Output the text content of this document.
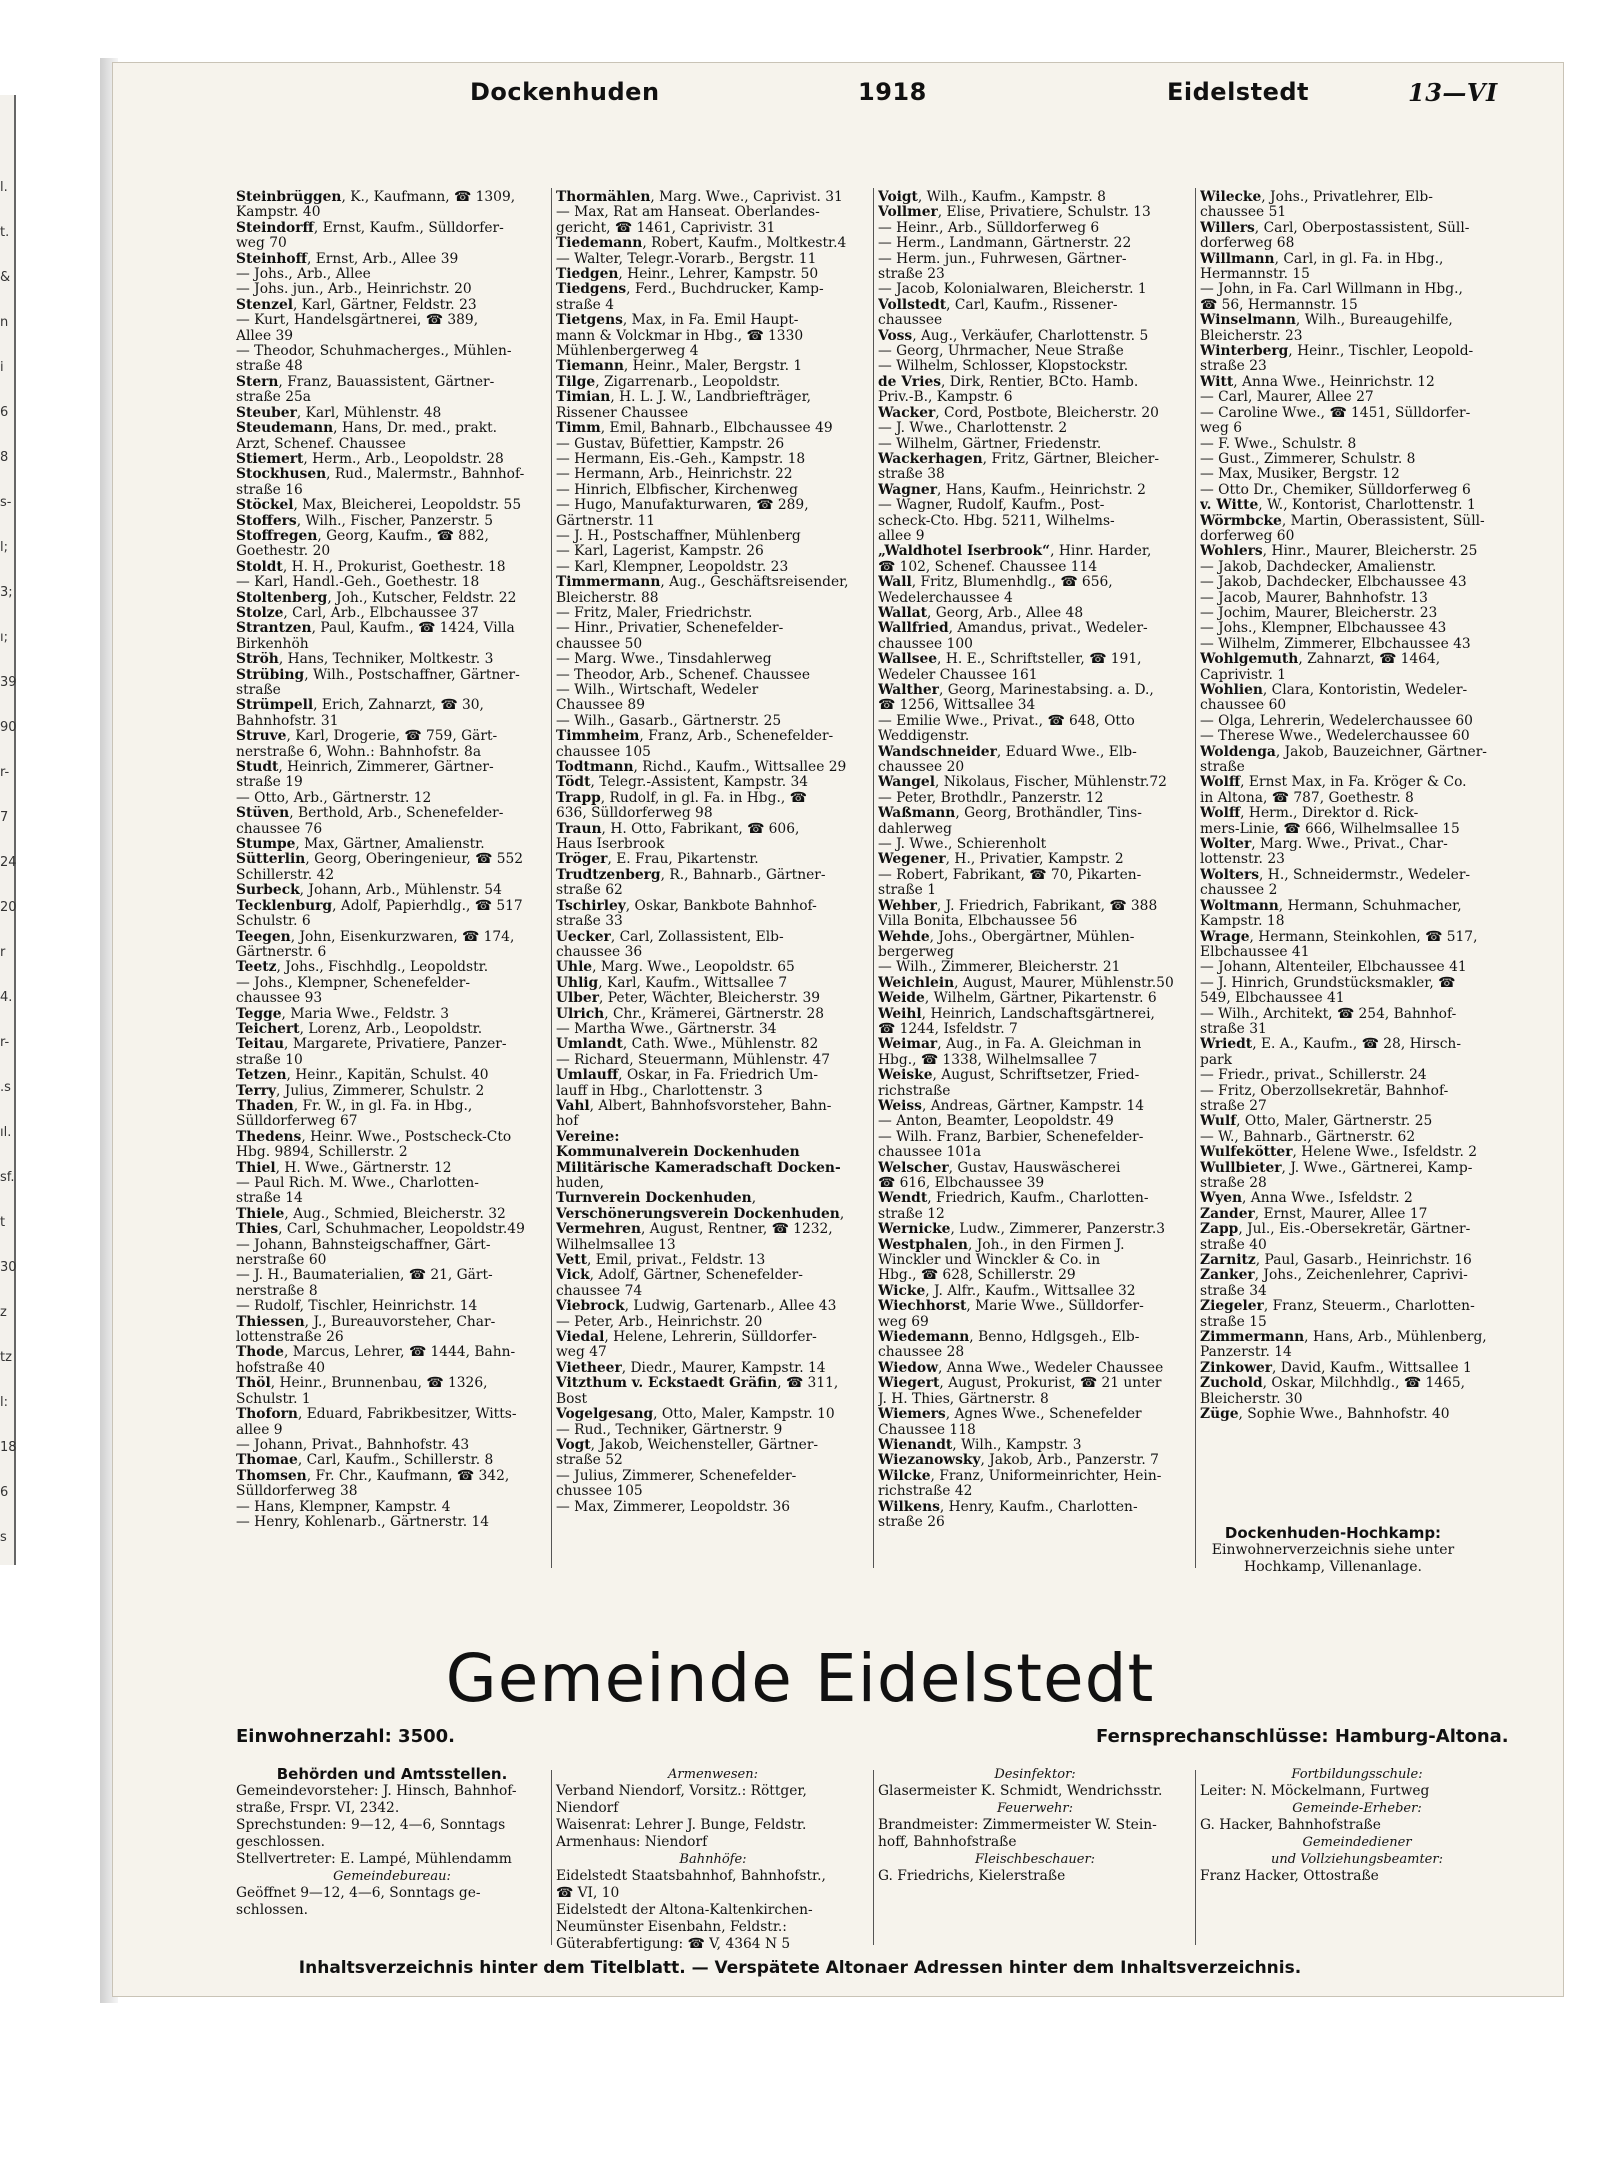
l.
t.
&
n
i
6
8
s-
l;
3;
ı;
39
90
r-
7
24
20
r
4.
r-
.s
ıl.
sf.
t
30
z
tz
l:
18
6
s
Dockenhuden	1918	Eidelstedt	13—VI
Steinbrüggen, K., Kaufmann, ☎ 1309,
Kampstr. 40
Steindorff, Ernst, Kaufm., Sülldorfer-
weg 70
Steinhoff, Ernst, Arb., Allee 39
— Johs., Arb., Allee
— Johs. jun., Arb., Heinrichstr. 20
Stenzel, Karl, Gärtner, Feldstr. 23
— Kurt, Handelsgärtnerei, ☎ 389,
Allee 39
— Theodor, Schuhmacherges., Mühlen-
straße 48
Stern, Franz, Bauassistent, Gärtner-
straße 25a
Steuber, Karl, Mühlenstr. 48
Steudemann, Hans, Dr. med., prakt.
Arzt, Schenef. Chaussee
Stiemert, Herm., Arb., Leopoldstr. 28
Stockhusen, Rud., Malermstr., Bahnhof-
straße 16
Stöckel, Max, Bleicherei, Leopoldstr. 55
Stoffers, Wilh., Fischer, Panzerstr. 5
Stoffregen, Georg, Kaufm., ☎ 882,
Goethestr. 20
Stoldt, H. H., Prokurist, Goethestr. 18
— Karl, Handl.-Geh., Goethestr. 18
Stoltenberg, Joh., Kutscher, Feldstr. 22
Stolze, Carl, Arb., Elbchaussee 37
Strantzen, Paul, Kaufm., ☎ 1424, Villa
Birkenhöh
Ströh, Hans, Techniker, Moltkestr. 3
Strübing, Wilh., Postschaffner, Gärtner-
straße
Strümpell, Erich, Zahnarzt, ☎ 30,
Bahnhofstr. 31
Struve, Karl, Drogerie, ☎ 759, Gärt-
nerstraße 6, Wohn.: Bahnhofstr. 8a
Studt, Heinrich, Zimmerer, Gärtner-
straße 19
— Otto, Arb., Gärtnerstr. 12
Stüven, Berthold, Arb., Schenefelder-
chaussee 76
Stumpe, Max, Gärtner, Amalienstr.
Sütterlin, Georg, Oberingenieur, ☎ 552
Schillerstr. 42
Surbeck, Johann, Arb., Mühlenstr. 54
Tecklenburg, Adolf, Papierhdlg., ☎ 517
Schulstr. 6
Teegen, John, Eisenkurzwaren, ☎ 174,
Gärtnerstr. 6
Teetz, Johs., Fischhdlg., Leopoldstr.
— Johs., Klempner, Schenefelder-
chaussee 93
Tegge, Maria Wwe., Feldstr. 3
Teichert, Lorenz, Arb., Leopoldstr.
Teitau, Margarete, Privatiere, Panzer-
straße 10
Tetzen, Heinr., Kapitän, Schulst. 40
Terry, Julius, Zimmerer, Schulstr. 2
Thaden, Fr. W., in gl. Fa. in Hbg.,
Sülldorferweg 67
Thedens, Heinr. Wwe., Postscheck-Cto
Hbg. 9894, Schillerstr. 2
Thiel, H. Wwe., Gärtnerstr. 12
— Paul Rich. M. Wwe., Charlotten-
straße 14
Thiele, Aug., Schmied, Bleicherstr. 32
Thies, Carl, Schuhmacher, Leopoldstr.49
— Johann, Bahnsteigschaffner, Gärt-
nerstraße 60
— J. H., Baumaterialien, ☎ 21, Gärt-
nerstraße 8
— Rudolf, Tischler, Heinrichstr. 14
Thiessen, J., Bureauvorsteher, Char-
lottenstraße 26
Thode, Marcus, Lehrer, ☎ 1444, Bahn-
hofstraße 40
Thöl, Heinr., Brunnenbau, ☎ 1326,
Schulstr. 1
Thoforn, Eduard, Fabrikbesitzer, Witts-
allee 9
— Johann, Privat., Bahnhofstr. 43
Thomae, Carl, Kaufm., Schillerstr. 8
Thomsen, Fr. Chr., Kaufmann, ☎ 342,
Sülldorferweg 38
— Hans, Klempner, Kampstr. 4
— Henry, Kohlenarb., Gärtnerstr. 14
Thormählen, Marg. Wwe., Caprivist. 31
— Max, Rat am Hanseat. Oberlandes-
gericht, ☎ 1461, Caprivistr. 31
Tiedemann, Robert, Kaufm., Moltkestr.4
— Walter, Telegr.-Vorarb., Bergstr. 11
Tiedgen, Heinr., Lehrer, Kampstr. 50
Tiedgens, Ferd., Buchdrucker, Kamp-
straße 4
Tietgens, Max, in Fa. Emil Haupt-
mann & Volckmar in Hbg., ☎ 1330
Mühlenbergerweg 4
Tiemann, Heinr., Maler, Bergstr. 1
Tilge, Zigarrenarb., Leopoldstr.
Timian, H. L. J. W., Landbriefträger,
Rissener Chaussee
Timm, Emil, Bahnarb., Elbchaussee 49
— Gustav, Büfettier, Kampstr. 26
— Hermann, Eis.-Geh., Kampstr. 18
— Hermann, Arb., Heinrichstr. 22
— Hinrich, Elbfischer, Kirchenweg
— Hugo, Manufakturwaren, ☎ 289,
Gärtnerstr. 11
— J. H., Postschaffner, Mühlenberg
— Karl, Lagerist, Kampstr. 26
— Karl, Klempner, Leopoldstr. 23
Timmermann, Aug., Geschäftsreisender,
Bleicherstr. 88
— Fritz, Maler, Friedrichstr.
— Hinr., Privatier, Schenefelder-
chaussee 50
— Marg. Wwe., Tinsdahlerweg
— Theodor, Arb., Schenef. Chaussee
— Wilh., Wirtschaft, Wedeler
Chaussee 89
— Wilh., Gasarb., Gärtnerstr. 25
Timmheim, Franz, Arb., Schenefelder-
chaussee 105
Todtmann, Richd., Kaufm., Wittsallee 29
Tödt, Telegr.-Assistent, Kampstr. 34
Trapp, Rudolf, in gl. Fa. in Hbg., ☎
636, Sülldorferweg 98
Traun, H. Otto, Fabrikant, ☎ 606,
Haus Iserbrook
Tröger, E. Frau, Pikartenstr.
Trudtzenberg, R., Bahnarb., Gärtner-
straße 62
Tschirley, Oskar, Bankbote Bahnhof-
straße 33
Uecker, Carl, Zollassistent, Elb-
chaussee 36
Uhle, Marg. Wwe., Leopoldstr. 65
Uhlig, Karl, Kaufm., Wittsallee 7
Ulber, Peter, Wächter, Bleicherstr. 39
Ulrich, Chr., Krämerei, Gärtnerstr. 28
— Martha Wwe., Gärtnerstr. 34
Umlandt, Cath. Wwe., Mühlenstr. 82
— Richard, Steuermann, Mühlenstr. 47
Umlauff, Oskar, in Fa. Friedrich Um-
lauff in Hbg., Charlottenstr. 3
Vahl, Albert, Bahnhofsvorsteher, Bahn-
hof
Vereine:
Kommunalverein Dockenhuden
Militärische Kameradschaft Docken-
huden,
Turnverein Dockenhuden,
Verschönerungsverein Dockenhuden,
Vermehren, August, Rentner, ☎ 1232,
Wilhelmsallee 13
Vett, Emil, privat., Feldstr. 13
Vick, Adolf, Gärtner, Schenefelder-
chaussee 74
Viebrock, Ludwig, Gartenarb., Allee 43
— Peter, Arb., Heinrichstr. 20
Viedal, Helene, Lehrerin, Sülldorfer-
weg 47
Vietheer, Diedr., Maurer, Kampstr. 14
Vitzthum v. Eckstaedt Gräfin, ☎ 311,
Bost
Vogelgesang, Otto, Maler, Kampstr. 10
— Rud., Techniker, Gärtnerstr. 9
Vogt, Jakob, Weichensteller, Gärtner-
straße 52
— Julius, Zimmerer, Schenefelder-
chussee 105
— Max, Zimmerer, Leopoldstr. 36
Voigt, Wilh., Kaufm., Kampstr. 8
Vollmer, Elise, Privatiere, Schulstr. 13
— Heinr., Arb., Sülldorferweg 6
— Herm., Landmann, Gärtnerstr. 22
— Herm. jun., Fuhrwesen, Gärtner-
straße 23
— Jacob, Kolonialwaren, Bleicherstr. 1
Vollstedt, Carl, Kaufm., Rissener-
chaussee
Voss, Aug., Verkäufer, Charlottenstr. 5
— Georg, Uhrmacher, Neue Straße
— Wilhelm, Schlosser, Klopstockstr.
de Vries, Dirk, Rentier, BCto. Hamb.
Priv.-B., Kampstr. 6
Wacker, Cord, Postbote, Bleicherstr. 20
— J. Wwe., Charlottenstr. 2
— Wilhelm, Gärtner, Friedenstr.
Wackerhagen, Fritz, Gärtner, Bleicher-
straße 38
Wagner, Hans, Kaufm., Heinrichstr. 2
— Wagner, Rudolf, Kaufm., Post-
scheck-Cto. Hbg. 5211, Wilhelms-
allee 9
„Waldhotel Iserbrook“, Hinr. Harder,
☎ 102, Schenef. Chaussee 114
Wall, Fritz, Blumenhdlg., ☎ 656,
Wedelerchaussee 4
Wallat, Georg, Arb., Allee 48
Wallfried, Amandus, privat., Wedeler-
chaussee 100
Wallsee, H. E., Schriftsteller, ☎ 191,
Wedeler Chaussee 161
Walther, Georg, Marinestabsing. a. D.,
☎ 1256, Wittsallee 34
— Emilie Wwe., Privat., ☎ 648, Otto
Weddigenstr.
Wandschneider, Eduard Wwe., Elb-
chaussee 20
Wangel, Nikolaus, Fischer, Mühlenstr.72
— Peter, Brothdlr., Panzerstr. 12
Waßmann, Georg, Brothändler, Tins-
dahlerweg
— J. Wwe., Schierenholt
Wegener, H., Privatier, Kampstr. 2
— Robert, Fabrikant, ☎ 70, Pikarten-
straße 1
Wehber, J. Friedrich, Fabrikant, ☎ 388
Villa Bonita, Elbchaussee 56
Wehde, Johs., Obergärtner, Mühlen-
bergerweg
— Wilh., Zimmerer, Bleicherstr. 21
Weichlein, August, Maurer, Mühlenstr.50
Weide, Wilhelm, Gärtner, Pikartenstr. 6
Weihl, Heinrich, Landschaftsgärtnerei,
☎ 1244, Isfeldstr. 7
Weimar, Aug., in Fa. A. Gleichman in
Hbg., ☎ 1338, Wilhelmsallee 7
Weiske, August, Schriftsetzer, Fried-
richstraße
Weiss, Andreas, Gärtner, Kampstr. 14
— Anton, Beamter, Leopoldstr. 49
— Wilh. Franz, Barbier, Schenefelder-
chaussee 101a
Welscher, Gustav, Hauswäscherei
☎ 616, Elbchaussee 39
Wendt, Friedrich, Kaufm., Charlotten-
straße 12
Wernicke, Ludw., Zimmerer, Panzerstr.3
Westphalen, Joh., in den Firmen J.
Winckler und Winckler & Co. in
Hbg., ☎ 628, Schillerstr. 29
Wicke, J. Alfr., Kaufm., Wittsallee 32
Wiechhorst, Marie Wwe., Sülldorfer-
weg 69
Wiedemann, Benno, Hdlgsgeh., Elb-
chaussee 28
Wiedow, Anna Wwe., Wedeler Chaussee
Wiegert, August, Prokurist, ☎ 21 unter
J. H. Thies, Gärtnerstr. 8
Wiemers, Agnes Wwe., Schenefelder
Chaussee 118
Wienandt, Wilh., Kampstr. 3
Wiezanowsky, Jakob, Arb., Panzerstr. 7
Wilcke, Franz, Uniformeinrichter, Hein-
richstraße 42
Wilkens, Henry, Kaufm., Charlotten-
straße 26
Wilecke, Johs., Privatlehrer, Elb-
chaussee 51
Willers, Carl, Oberpostassistent, Süll-
dorferweg 68
Willmann, Carl, in gl. Fa. in Hbg.,
Hermannstr. 15
— John, in Fa. Carl Willmann in Hbg.,
☎ 56, Hermannstr. 15
Winselmann, Wilh., Bureaugehilfe,
Bleicherstr. 23
Winterberg, Heinr., Tischler, Leopold-
straße 23
Witt, Anna Wwe., Heinrichstr. 12
— Carl, Maurer, Allee 27
— Caroline Wwe., ☎ 1451, Sülldorfer-
weg 6
— F. Wwe., Schulstr. 8
— Gust., Zimmerer, Schulstr. 8
— Max, Musiker, Bergstr. 12
— Otto Dr., Chemiker, Sülldorferweg 6
v. Witte, W., Kontorist, Charlottenstr. 1
Wörmbcke, Martin, Oberassistent, Süll-
dorferweg 60
Wohlers, Hinr., Maurer, Bleicherstr. 25
— Jakob, Dachdecker, Amalienstr.
— Jakob, Dachdecker, Elbchaussee 43
— Jacob, Maurer, Bahnhofstr. 13
— Jochim, Maurer, Bleicherstr. 23
— Johs., Klempner, Elbchaussee 43
— Wilhelm, Zimmerer, Elbchaussee 43
Wohlgemuth, Zahnarzt, ☎ 1464,
Caprivistr. 1
Wohlien, Clara, Kontoristin, Wedeler-
chaussee 60
— Olga, Lehrerin, Wedelerchaussee 60
— Therese Wwe., Wedelerchaussee 60
Woldenga, Jakob, Bauzeichner, Gärtner-
straße
Wolff, Ernst Max, in Fa. Kröger & Co.
in Altona, ☎ 787, Goethestr. 8
Wolff, Herm., Direktor d. Rick-
mers-Linie, ☎ 666, Wilhelmsallee 15
Wolter, Marg. Wwe., Privat., Char-
lottenstr. 23
Wolters, H., Schneidermstr., Wedeler-
chaussee 2
Woltmann, Hermann, Schuhmacher,
Kampstr. 18
Wrage, Hermann, Steinkohlen, ☎ 517,
Elbchaussee 41
— Johann, Altenteiler, Elbchaussee 41
— J. Hinrich, Grundstücksmakler, ☎
549, Elbchaussee 41
— Wilh., Architekt, ☎ 254, Bahnhof-
straße 31
Wriedt, E. A., Kaufm., ☎ 28, Hirsch-
park
— Friedr., privat., Schillerstr. 24
— Fritz, Oberzollsekretär, Bahnhof-
straße 27
Wulf, Otto, Maler, Gärtnerstr. 25
— W., Bahnarb., Gärtnerstr. 62
Wulfekötter, Helene Wwe., Isfeldstr. 2
Wullbieter, J. Wwe., Gärtnerei, Kamp-
straße 28
Wyen, Anna Wwe., Isfeldstr. 2
Zander, Ernst, Maurer, Allee 17
Zapp, Jul., Eis.-Obersekretär, Gärtner-
straße 40
Zarnitz, Paul, Gasarb., Heinrichstr. 16
Zanker, Johs., Zeichenlehrer, Caprivi-
straße 34
Ziegeler, Franz, Steuerm., Charlotten-
straße 15
Zimmermann, Hans, Arb., Mühlenberg,
Panzerstr. 14
Zinkower, David, Kaufm., Wittsallee 1
Zuchold, Oskar, Milchhdlg., ☎ 1465,
Bleicherstr. 30
Züge, Sophie Wwe., Bahnhofstr. 40
Dockenhuden-Hochkamp:
Einwohnerverzeichnis siehe unter
Hochkamp, Villenanlage.
Gemeinde Eidelstedt
Einwohnerzahl: 3500.	Fernsprechanschlüsse: Hamburg-Altona.
Behörden und Amtsstellen.
Gemeindevorsteher: J. Hinsch, Bahnhof-
straße, Frspr. VI, 2342.
Sprechstunden: 9—12, 4—6, Sonntags
geschlossen.
Stellvertreter: E. Lampé, Mühlendamm
Gemeindebureau:
Geöffnet 9—12, 4—6, Sonntags ge-
schlossen.
Armenwesen:
Verband Niendorf, Vorsitz.: Röttger,
Niendorf
Waisenrat: Lehrer J. Bunge, Feldstr.
Armenhaus: Niendorf
Bahnhöfe:
Eidelstedt Staatsbahnhof, Bahnhofstr.,
☎ VI, 10
Eidelstedt der Altona-Kaltenkirchen-
Neumünster Eisenbahn, Feldstr.:
Güterabfertigung: ☎ V, 4364 N 5
Desinfektor:
Glasermeister K. Schmidt, Wendrichsstr.
Feuerwehr:
Brandmeister: Zimmermeister W. Stein-
hoff, Bahnhofstraße
Fleischbeschauer:
G. Friedrichs, Kielerstraße
Fortbildungsschule:
Leiter: N. Möckelmann, Furtweg
Gemeinde-Erheber:
G. Hacker, Bahnhofstraße
Gemeindediener
und Vollziehungsbeamter:
Franz Hacker, Ottostraße
Inhaltsverzeichnis hinter dem Titelblatt. — Verspätete Altonaer Adressen hinter dem Inhaltsverzeichnis.
